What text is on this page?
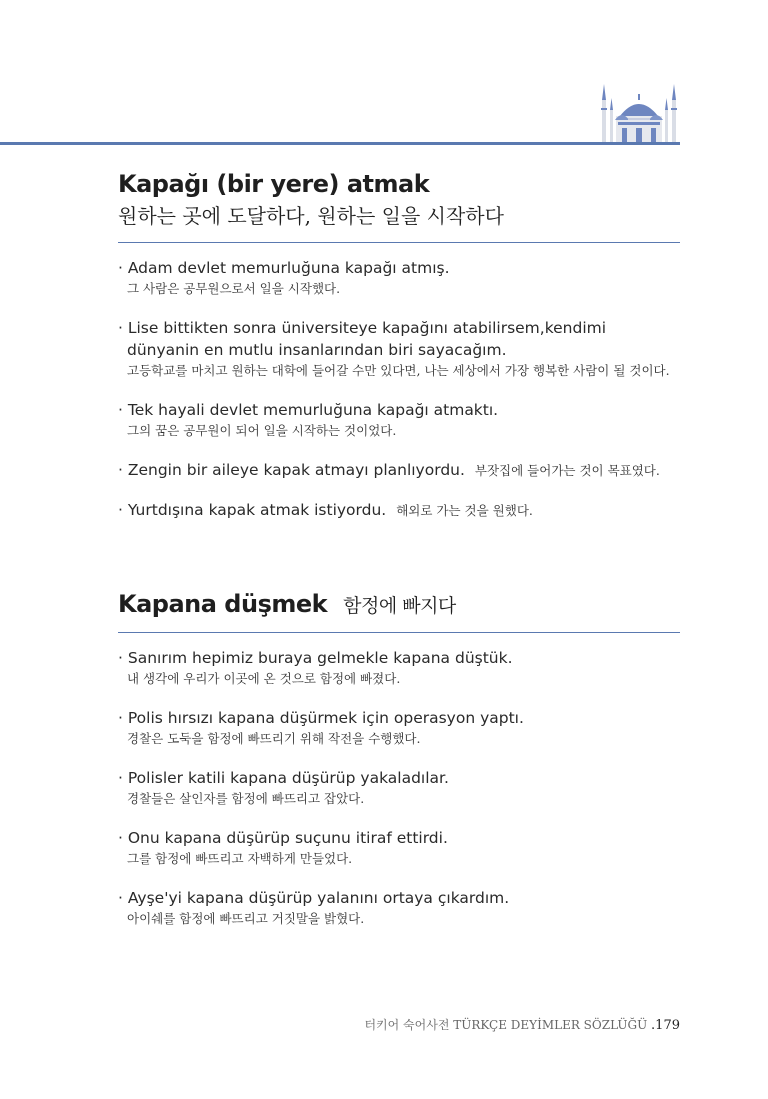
Kapağı (bir yere) atmak
원하는 곳에 도달하다, 원하는 일을 시작하다
· Adam devlet memurluğuna kapağı atmış.
그 사람은 공무원으로서 일을 시작했다.
· Lise bittikten sonra üniversiteye kapağını atabilirsem,kendimi dünyanin en mutlu insanlarından biri sayacağım.
고등학교를 마치고 원하는 대학에 들어갈 수만 있다면, 나는 세상에서 가장 행복한 사람이 될 것이다.
· Tek hayali devlet memurluğuna kapağı atmaktı.
그의 꿈은 공무원이 되어 일을 시작하는 것이었다.
· Zengin bir aileye kapak atmayı planlıyordu. 부잣집에 들어가는 것이 목표였다.
· Yurtdışına kapak atmak istiyordu. 해외로 가는 것을 원했다.
Kapana düşmek 함정에 빠지다
· Sanırım hepimiz buraya gelmekle kapana düştük.
내 생각에 우리가 이곳에 온 것으로 함정에 빠졌다.
· Polis hırsızı kapana düşürmek için operasyon yaptı.
경찰은 도둑을 함정에 빠뜨리기 위해 작전을 수행했다.
· Polisler katili kapana düşürüp yakaladılar.
경찰들은 살인자를 함정에 빠뜨리고 잡았다.
· Onu kapana düşürüp suçunu itiraf ettirdi.
그를 함정에 빠뜨리고 자백하게 만들었다.
· Ayşe'yi kapana düşürüp yalanını ortaya çıkardım.
아이쉐를 함정에 빠뜨리고 거짓말을 밝혔다.
터키어 숙어사전 TÜRKÇE DEYİMLER SÖZLÜĞÜ .179
